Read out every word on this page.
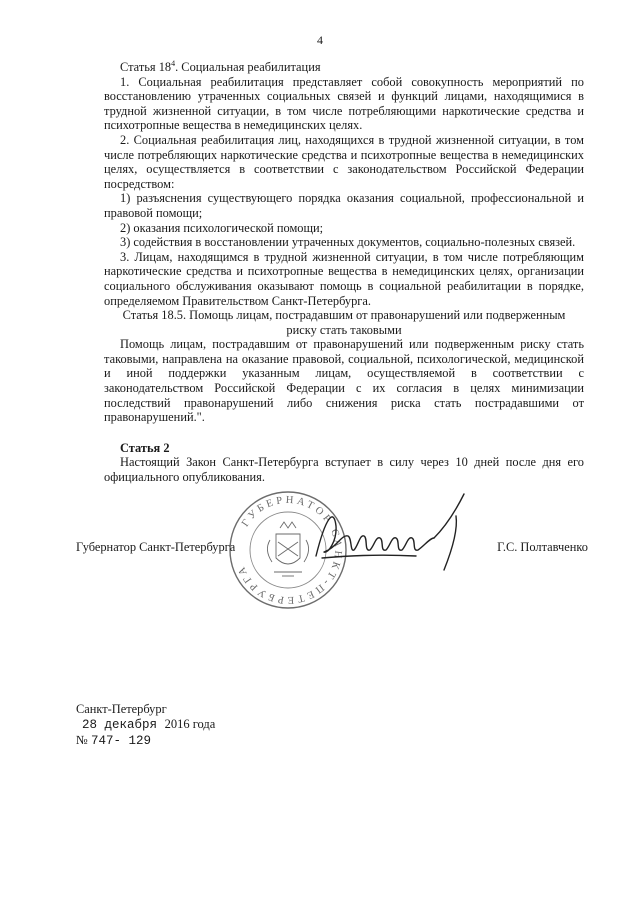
4

Статья $18^4$. Социальная реабилитация

1. Социальная реабилитация представляет собой совокупность мероприятий по восстановлению утраченных социальных связей и функций лицами, находящимися в трудной жизненной ситуации, в том числе потребляющими наркотические средства и психотропные вещества в немедицинских целях.

2. Социальная реабилитация лиц, находящихся в трудной жизненной ситуации, в том числе потребляющих наркотические средства и психотропные вещества в немедицинских целях, осуществляется в соответствии с законодательством Российской Федерации посредством:

1) разъяснения существующего порядка оказания социальной, профессиональной и правовой помощи;

2) оказания психологической помощи;

3) содействия в восстановлении утраченных документов, социально-полезных связей.

3. Лицам, находящимся в трудной жизненной ситуации, в том числе потребляющим наркотические средства и психотропные вещества в немедицинских целях, организации социального обслуживания оказывают помощь в социальной реабилитации в порядке, определяемом Правительством Санкт-Петербурга.

Статья 18.5. Помощь лицам, пострадавшим от правонарушений или подверженным

риску стать таковыми

Помощь лицам, пострадавшим от правонарушений или подверженным риску стать таковыми, направлена на оказание правовой, социальной, психологической, медицинской и иной поддержки указанным лицам, осуществляемой в соответствии с законодательством Российской Федерации с их согласия в целях минимизации последствий правонарушений либо снижения риска стать пострадавшими от правонарушений.".

Статья 2

Настоящий Закон Санкт-Петербурга вступает в силу через 10 дней после дня его официального опубликования.

ГУБЕРНАТОР САНКТ-ПЕТЕРБУРГА
Губернатор Санкт-Петербурга	Г.С. Полтавченко
Санкт-Петербург
28 декабря 2016 года
№ 747- 129
